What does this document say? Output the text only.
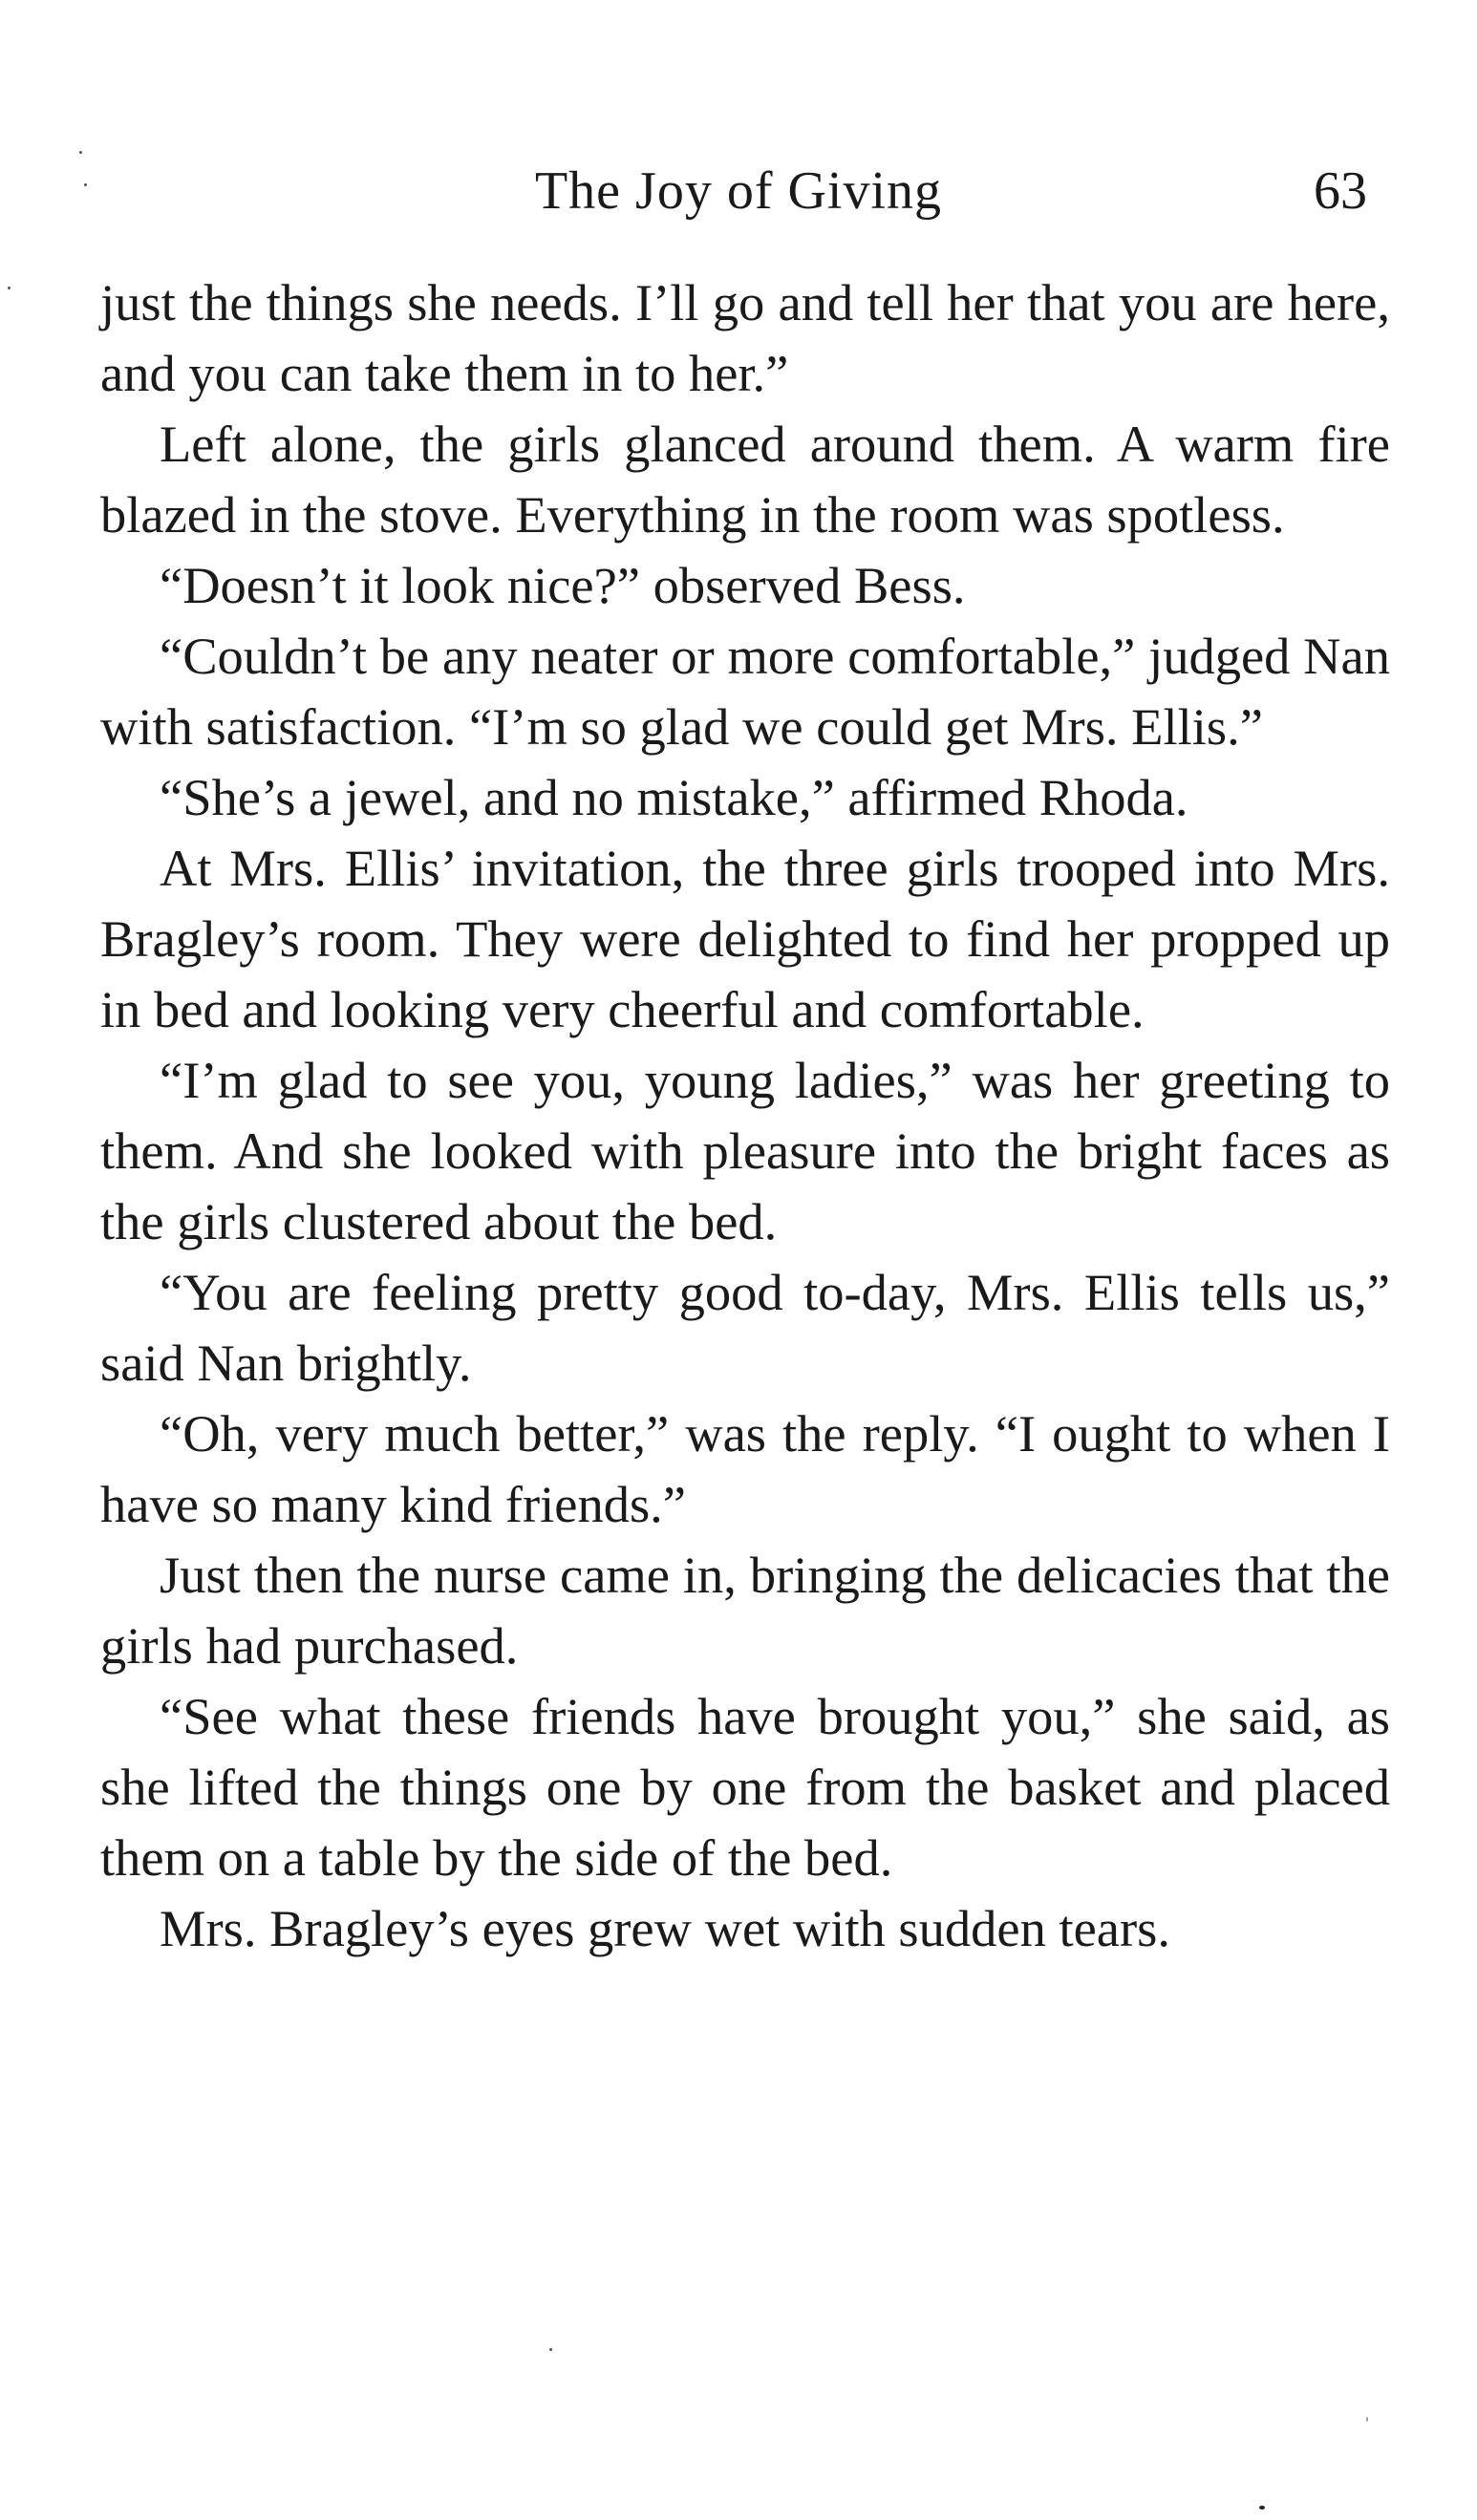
The Joy of Giving	63

just the things she needs. I’ll go and tell her that you are here, and you can take them in to her.”

Left alone, the girls glanced around them. A warm fire blazed in the stove. Everything in the room was spotless.

“Doesn’t it look nice?” observed Bess.

“Couldn’t be any neater or more comfortable,” judged Nan with satisfaction. “I’m so glad we could get Mrs. Ellis.”

“She’s a jewel, and no mistake,” affirmed Rhoda.

At Mrs. Ellis’ invitation, the three girls trooped into Mrs. Bragley’s room. They were delighted to find her propped up in bed and looking very cheerful and comfortable.

“I’m glad to see you, young ladies,” was her greeting to them. And she looked with pleasure into the bright faces as the girls clustered about the bed.

“You are feeling pretty good to-day, Mrs. Ellis tells us,” said Nan brightly.

“Oh, very much better,” was the reply. “I ought to when I have so many kind friends.”

Just then the nurse came in, bringing the delicacies that the girls had purchased.

“See what these friends have brought you,” she said, as she lifted the things one by one from the basket and placed them on a table by the side of the bed.

Mrs. Bragley’s eyes grew wet with sudden tears.
